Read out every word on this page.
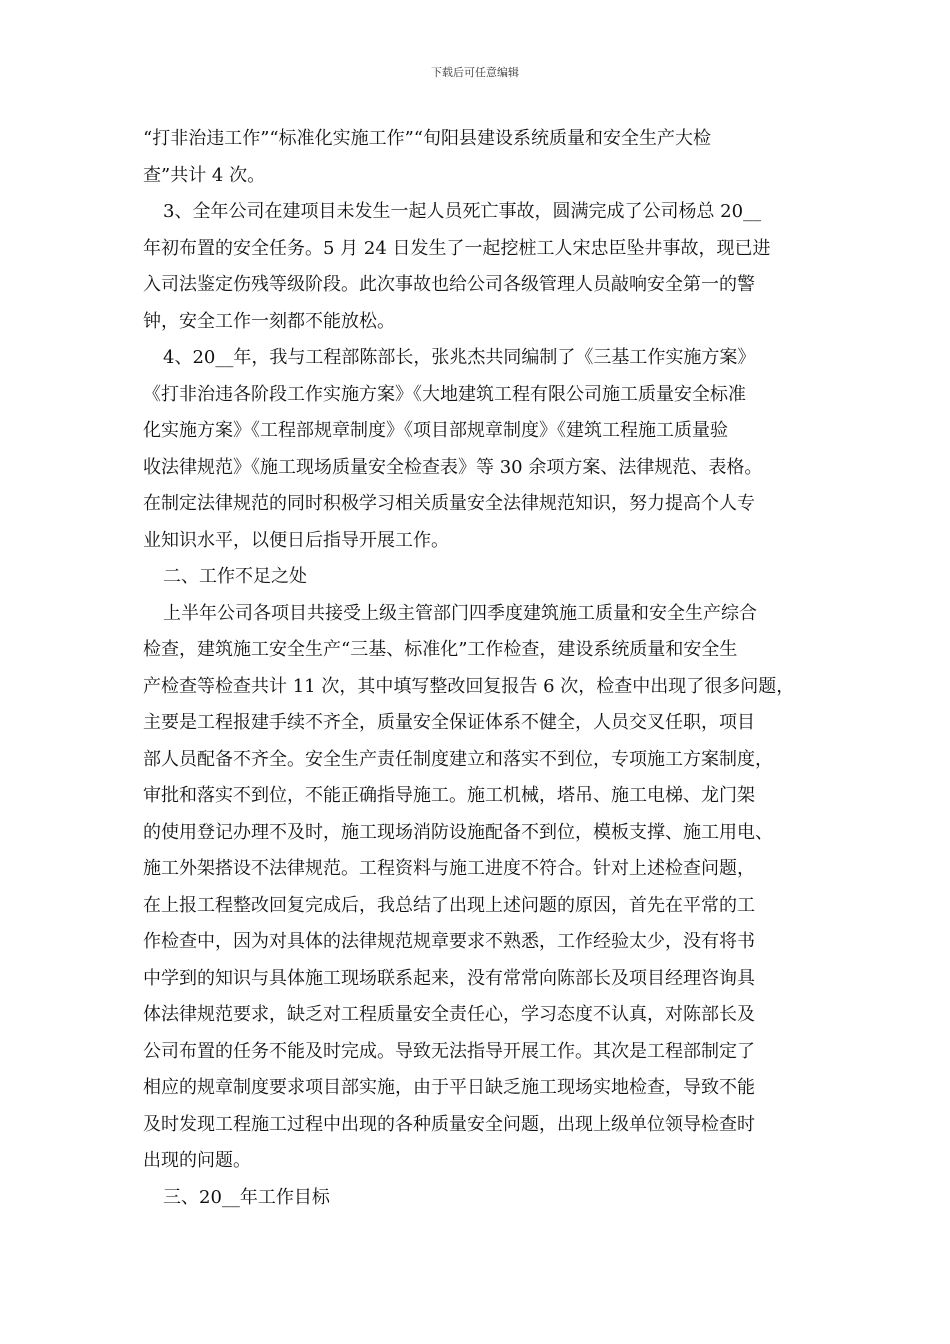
下载后可任意编辑
“打非治违工作”“标准化实施工作”“旬阳县建设系统质量和安全生产大检
查”共计 4 次。
3、全年公司在建项目未发生一起人员死亡事故，圆满完成了公司杨总 20__
年初布置的安全任务。5 月 24 日发生了一起挖桩工人宋忠臣坠井事故，现已进
入司法鉴定伤残等级阶段。此次事故也给公司各级管理人员敲响安全第一的警
钟，安全工作一刻都不能放松。
4、20__年，我与工程部陈部长，张兆杰共同编制了《三基工作实施方案》
《打非治违各阶段工作实施方案》《大地建筑工程有限公司施工质量安全标准
化实施方案》《工程部规章制度》《项目部规章制度》《建筑工程施工质量验
收法律规范》《施工现场质量安全检查表》等 30 余项方案、法律规范、表格。
在制定法律规范的同时积极学习相关质量安全法律规范知识，努力提高个人专
业知识水平，以便日后指导开展工作。
二、工作不足之处
上半年公司各项目共接受上级主管部门四季度建筑施工质量和安全生产综合
检查，建筑施工安全生产“三基、标准化”工作检查，建设系统质量和安全生
产检查等检查共计 11 次，其中填写整改回复报告 6 次，检查中出现了很多问题，
主要是工程报建手续不齐全，质量安全保证体系不健全，人员交叉任职，项目
部人员配备不齐全。安全生产责任制度建立和落实不到位，专项施工方案制度，
审批和落实不到位，不能正确指导施工。施工机械，塔吊、施工电梯、龙门架
的使用登记办理不及时，施工现场消防设施配备不到位，模板支撑、施工用电、
施工外架搭设不法律规范。工程资料与施工进度不符合。针对上述检查问题，
在上报工程整改回复完成后，我总结了出现上述问题的原因，首先在平常的工
作检查中，因为对具体的法律规范规章要求不熟悉，工作经验太少，没有将书
中学到的知识与具体施工现场联系起来，没有常常向陈部长及项目经理咨询具
体法律规范要求，缺乏对工程质量安全责任心，学习态度不认真，对陈部长及
公司布置的任务不能及时完成。导致无法指导开展工作。其次是工程部制定了
相应的规章制度要求项目部实施，由于平日缺乏施工现场实地检查，导致不能
及时发现工程施工过程中出现的各种质量安全问题，出现上级单位领导检查时
出现的问题。
三、20__年工作目标
